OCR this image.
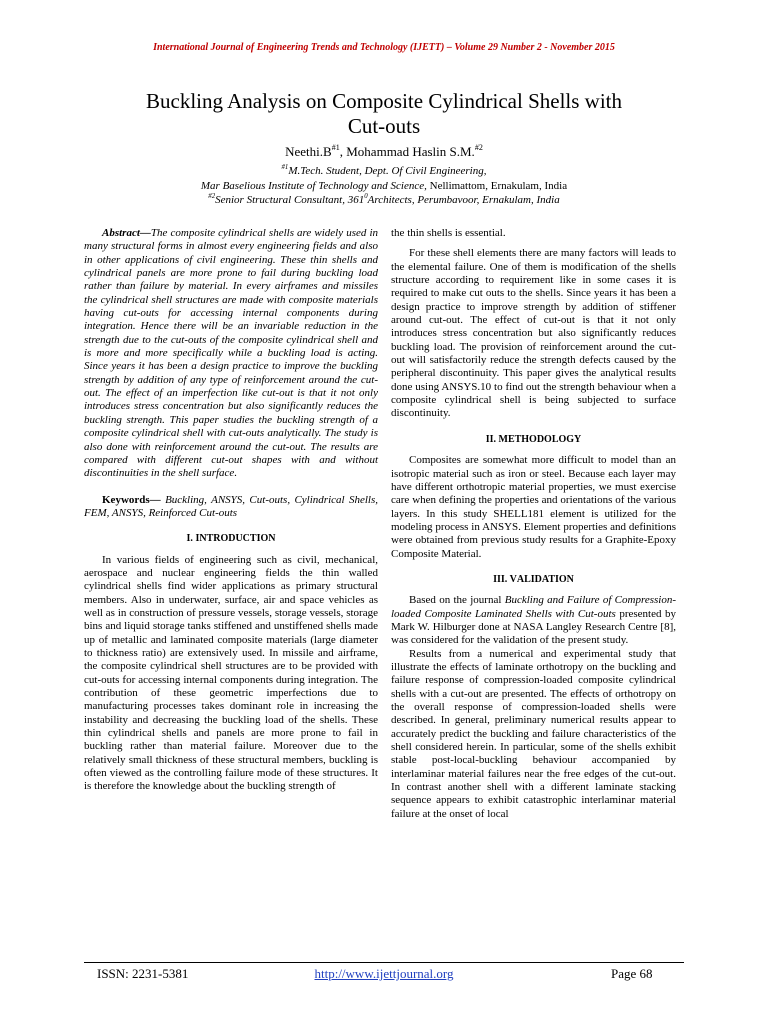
International Journal of Engineering Trends and Technology (IJETT) – Volume 29 Number 2 - November 2015
Buckling Analysis on Composite Cylindrical Shells with
Cut-outs
$Neethi.B^{\#1}$, Mohammad Haslin S.M.$^{\#2}$
$^{\#1}$M.Tech. Student, Dept. Of Civil Engineering,
Mar Baselious Institute of Technology and Science, Nellimattom, Ernakulam, India
$^{\#2}$Senior Structural Consultant, $361^0Architects$, Perumbavoor, Ernakulam, India

Abstract—The composite cylindrical shells are widely used in many structural forms in almost every engineering fields and also in other applications of civil engineering. These thin shells and cylindrical panels are more prone to fail during buckling load rather than failure by material. In every airframes and missiles the cylindrical shell structures are made with composite materials having cut-outs for accessing internal components during integration. Hence there will be an invariable reduction in the strength due to the cut-outs of the composite cylindrical shell and is more and more specifically while a buckling load is acting. Since years it has been a design practice to improve the buckling strength by addition of any type of reinforcement around the cut-out. The effect of an imperfection like cut-out is that it not only introduces stress concentration but also significantly reduces the buckling strength. This paper studies the buckling strength of a composite cylindrical shell with cut-outs analytically. The study is also done with reinforcement around the cut-out. The results are compared with different cut-out shapes with and without discontinuities in the shell surface.

Keywords— Buckling, ANSYS, Cut-outs, Cylindrical Shells, FEM, ANSYS, Reinforced Cut-outs

I. INTRODUCTION

In various fields of engineering such as civil, mechanical, aerospace and nuclear engineering fields the thin walled cylindrical shells find wider applications as primary structural members. Also in underwater, surface, air and space vehicles as well as in construction of pressure vessels, storage vessels, storage bins and liquid storage tanks stiffened and unstiffened shells made up of metallic and laminated composite materials (large diameter to thickness ratio) are extensively used. In missile and airframe, the composite cylindrical shell structures are to be provided with cut-outs for accessing internal components during integration. The contribution of these geometric imperfections due to manufacturing processes takes dominant role in increasing the instability and decreasing the buckling load of the shells. These thin cylindrical shells and panels are more prone to fail in buckling rather than material failure. Moreover due to the relatively small thickness of these structural members, buckling is often viewed as the controlling failure mode of these structures. It is therefore the knowledge about the buckling strength of

the thin shells is essential.

For these shell elements there are many factors will leads to the elemental failure. One of them is modification of the shells structure according to requirement like in some cases it is required to make cut outs to the shells. Since years it has been a design practice to improve strength by addition of stiffener around cut-out. The effect of cut-out is that it not only introduces stress concentration but also significantly reduces buckling load. The provision of reinforcement around the cut-out will satisfactorily reduce the strength defects caused by the peripheral discontinuity. This paper gives the analytical results done using ANSYS.10 to find out the strength behaviour when a composite cylindrical shell is being subjected to surface discontinuity.

II. METHODOLOGY

Composites are somewhat more difficult to model than an isotropic material such as iron or steel. Because each layer may have different orthotropic material properties, we must exercise care when defining the properties and orientations of the various layers. In this study SHELL181 element is utilized for the modeling process in ANSYS. Element properties and definitions were obtained from previous study results for a Graphite-Epoxy Composite Material.

III. VALIDATION

Based on the journal Buckling and Failure of Compression-loaded Composite Laminated Shells with Cut-outs presented by Mark W. Hilburger done at NASA Langley Research Centre [8], was considered for the validation of the present study.

Results from a numerical and experimental study that illustrate the effects of laminate orthotropy on the buckling and failure response of compression-loaded composite cylindrical shells with a cut-out are presented. The effects of orthotropy on the overall response of compression-loaded shells were described. In general, preliminary numerical results appear to accurately predict the buckling and failure characteristics of the shell considered herein. In particular, some of the shells exhibit stable post-local-buckling behaviour accompanied by interlaminar material failures near the free edges of the cut-out. In contrast another shell with a different laminate stacking sequence appears to exhibit catastrophic interlaminar material failure at the onset of local

ISSN: 2231-5381	http://www.ijettjournal.org	Page 68
